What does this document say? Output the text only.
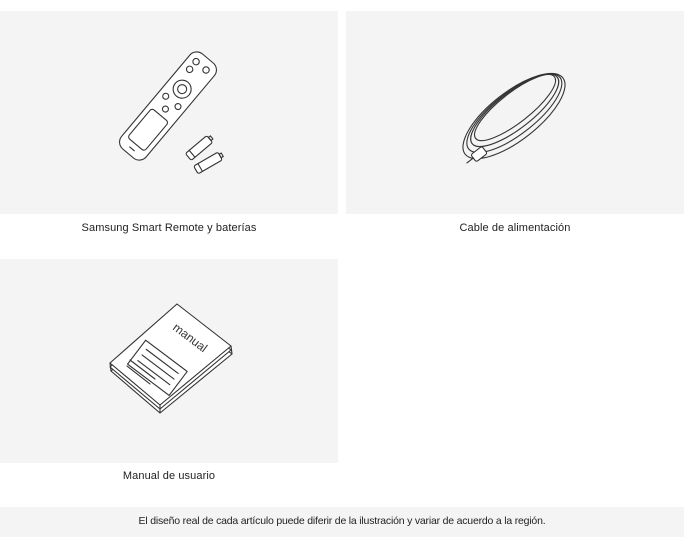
Samsung Smart Remote y baterías	Cable de alimentación
manual
Manual de usuario
El diseño real de cada artículo puede diferir de la ilustración y variar de acuerdo a la región.
